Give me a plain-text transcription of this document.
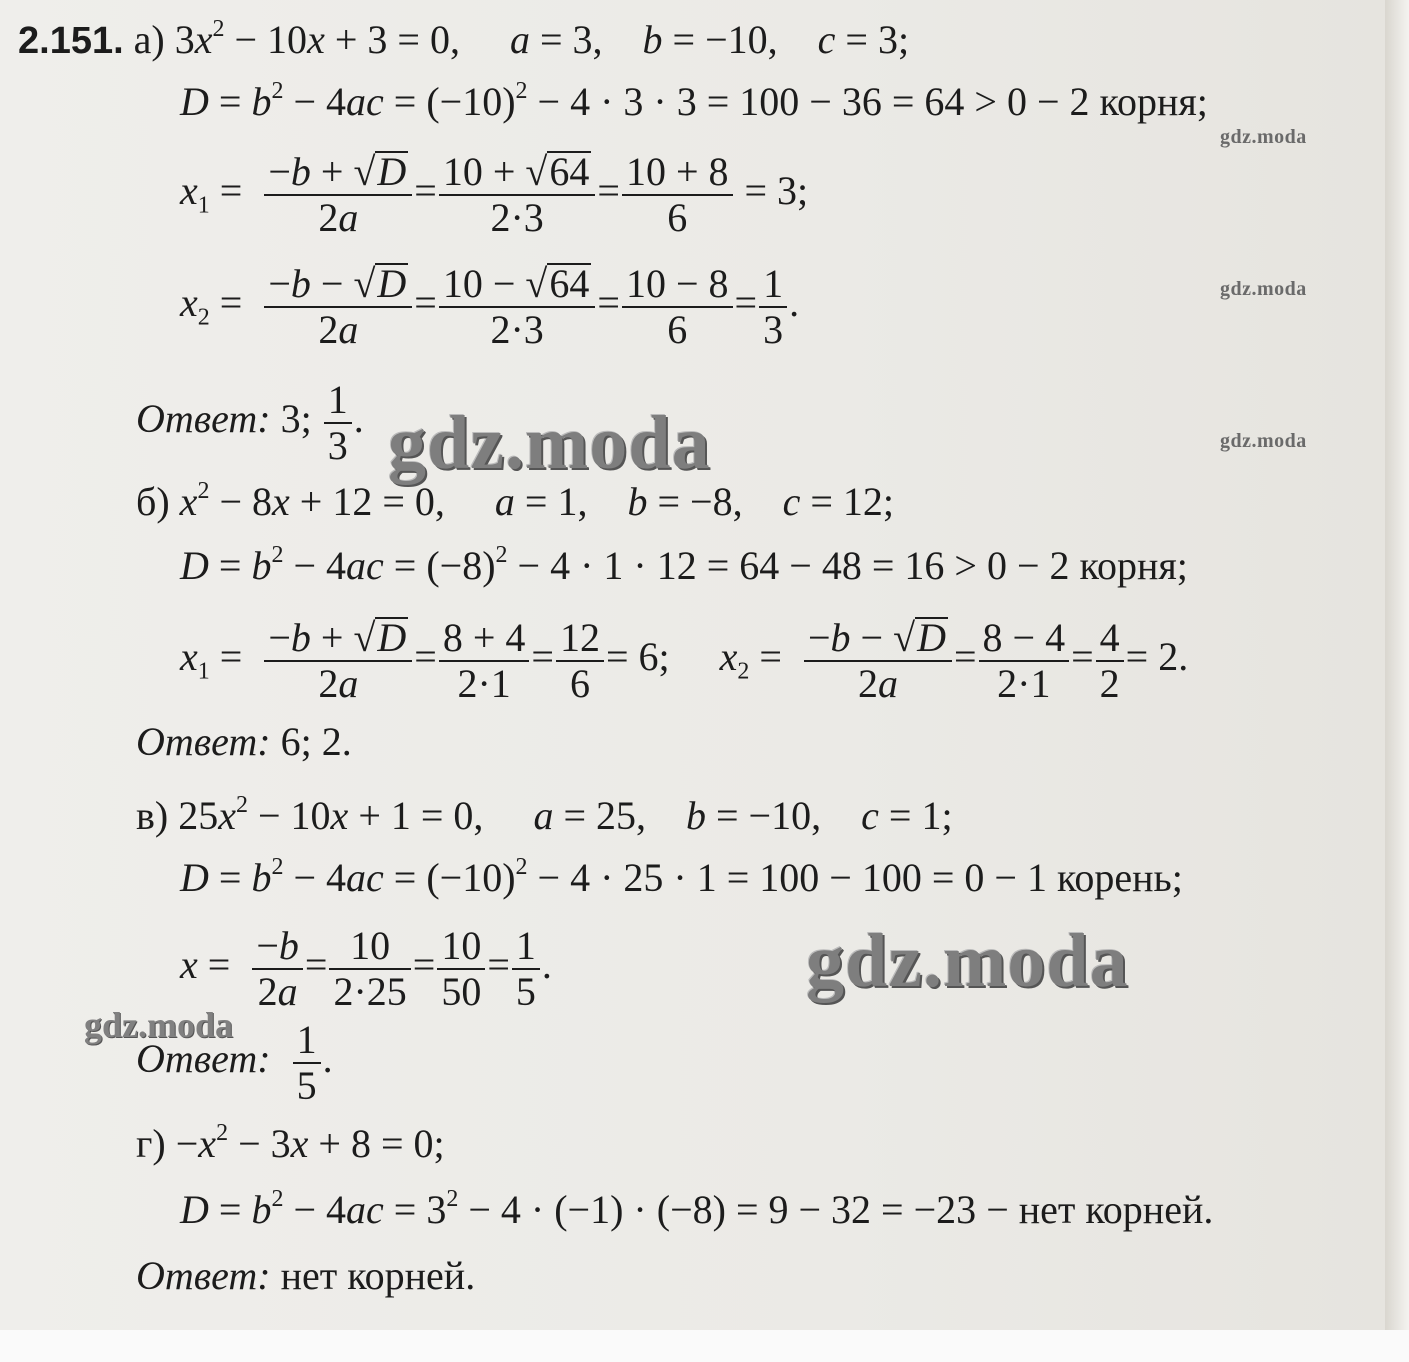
2.151. а) $3x^2 - 10x + 3 = 0$,     a = 3,    b = −10,    c = 3;
$D = b^2 - 4ac = (-10)^2 - 4 \cdot 3 \cdot 3 = 100 - 36 = 64 > 0 - 2$ корня;
$x_1 = \frac{-b + √D}{2a} = \frac{10 + √64}{2\cdot 3} = \frac{10 + 8}{6} = 3$;
$x_2 = \frac{-b - √D}{2a} = \frac{10 - √64}{2\cdot 3} = \frac{10 - 8}{6} = \frac{1}{3}$ .
Ответ: 3; $\frac{1}{3}$ .
б) $x^2 - 8x + 12 = 0$,     a = 1,    b = −8,    c = 12;
$D = b^2 - 4ac = (-8)^2 - 4 \cdot 1 \cdot 12 = 64 - 48 = 16 > 0 - 2$ корня;
$x_1 = \frac{-b + √D}{2a} = \frac{8 + 4}{2\cdot 1} = \frac{12}{6} = 6$;     $x_2 = \frac{-b - √D}{2a} = \frac{8 - 4}{2\cdot 1} = \frac{4}{2} = 2$.
Ответ: 6; 2.
в) $25x^2 - 10x + 1 = 0$,     a = 25,    b = −10,    c = 1;
$D = b^2 - 4ac = (-10)^2 - 4 \cdot 25 \cdot 1 = 100 - 100 = 0 - 1$ корень;
$x = \frac{-b}{2a} = \frac{10}{2\cdot 25} = \frac{10}{50} = \frac{1}{5}$ .
Ответ: $\frac{1}{5}$ .
$г) -x^2 - 3x + 8 = 0$;
$D = b^2 - 4ac = 3^2 - 4 \cdot (-1) \cdot (-8) = 9 - 32 = -23$ − нет корней.
Ответ: нет корней.
gdz.moda
gdz.moda
gdz.moda
gdz.moda
gdz.moda
gdz.moda
